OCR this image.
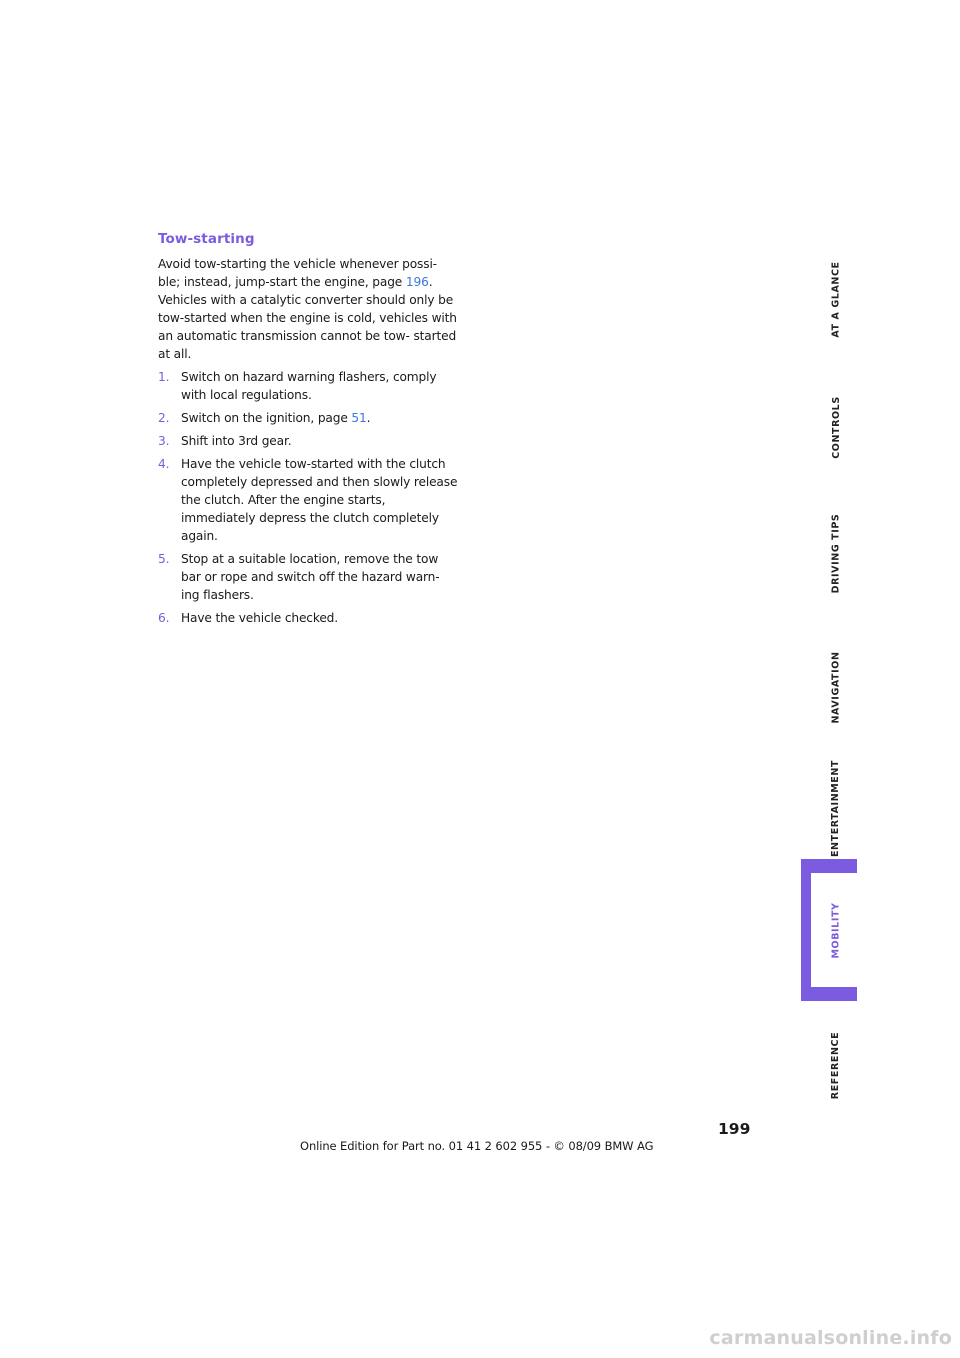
Tow-starting

Avoid tow-starting the vehicle whenever possi- ble; instead, jump-start the engine, page 196. Vehicles with a catalytic converter should only be tow-started when the engine is cold, vehicles with an automatic transmission cannot be tow- started at all.

1. Switch on hazard warning flashers, comply with local regulations.
2. Switch on the ignition, page 51.
3. Shift into 3rd gear.
4. Have the vehicle tow-started with the clutch completely depressed and then slowly release the clutch. After the engine starts, immediately depress the clutch completely again.
5. Stop at a suitable location, remove the tow bar or rope and switch off the hazard warn- ing flashers.
6. Have the vehicle checked.
AT A GLANCE
CONTROLS
DRIVING TIPS
NAVIGATION
ENTERTAINMENT
MOBILITY
REFERENCE
199
Online Edition for Part no. 01 41 2 602 955 - © 08/09 BMW AG
carmanualsonline.info
